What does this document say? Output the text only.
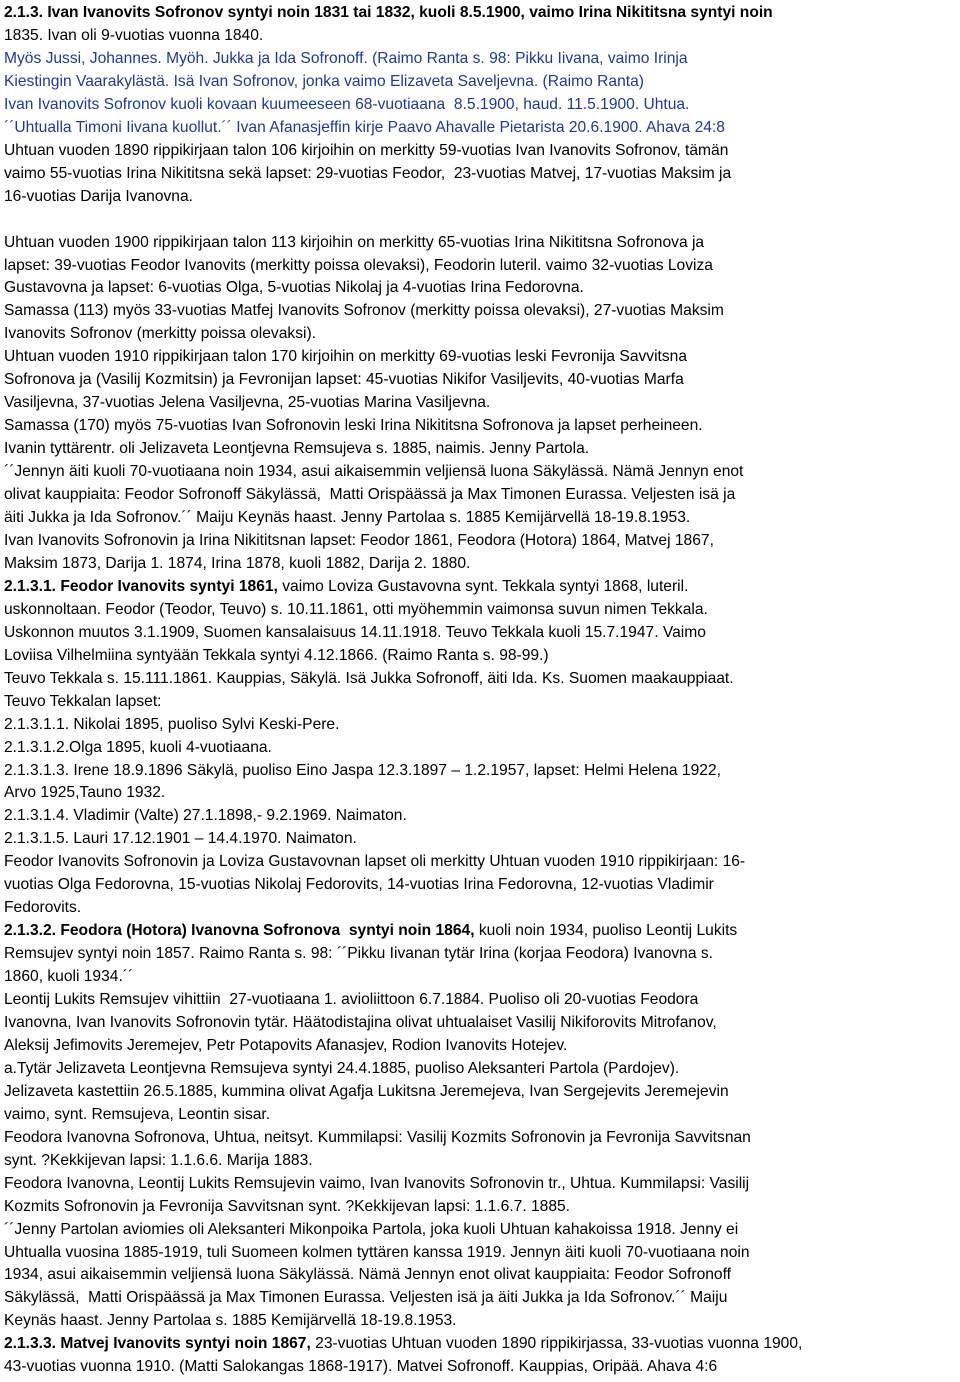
2.1.3. Ivan Ivanovits Sofronov syntyi noin 1831 tai 1832, kuoli 8.5.1900, vaimo Irina Nikititsna syntyi noin
1835. Ivan oli 9-vuotias vuonna 1840.
Myös Jussi, Johannes. Myöh. Jukka ja Ida Sofronoff. (Raimo Ranta s. 98: Pikku Iivana, vaimo Irinja
Kiestingin Vaarakylästä. Isä Ivan Sofronov, jonka vaimo Elizaveta Saveljevna. (Raimo Ranta)
Ivan Ivanovits Sofronov kuoli kovaan kuumeeseen 68-vuotiaana  8.5.1900, haud. 11.5.1900. Uhtua.
´´Uhtualla Timoni Iivana kuollut.´´ Ivan Afanasjeffin kirje Paavo Ahavalle Pietarista 20.6.1900. Ahava 24:8
Uhtuan vuoden 1890 rippikirjaan talon 106 kirjoihin on merkitty 59-vuotias Ivan Ivanovits Sofronov, tämän
vaimo 55-vuotias Irina Nikititsna sekä lapset: 29-vuotias Feodor,  23-vuotias Matvej, 17-vuotias Maksim ja
16-vuotias Darija Ivanovna.
Uhtuan vuoden 1900 rippikirjaan talon 113 kirjoihin on merkitty 65-vuotias Irina Nikititsna Sofronova ja
lapset: 39-vuotias Feodor Ivanovits (merkitty poissa olevaksi), Feodorin luteril. vaimo 32-vuotias Loviza
Gustavovna ja lapset: 6-vuotias Olga, 5-vuotias Nikolaj ja 4-vuotias Irina Fedorovna.
Samassa (113) myös 33-vuotias Matfej Ivanovits Sofronov (merkitty poissa olevaksi), 27-vuotias Maksim
Ivanovits Sofronov (merkitty poissa olevaksi).
Uhtuan vuoden 1910 rippikirjaan talon 170 kirjoihin on merkitty 69-vuotias leski Fevronija Savvitsna
Sofronova ja (Vasilij Kozmitsin) ja Fevronijan lapset: 45-vuotias Nikifor Vasiljevits, 40-vuotias Marfa
Vasiljevna, 37-vuotias Jelena Vasiljevna, 25-vuotias Marina Vasiljevna.
Samassa (170) myös 75-vuotias Ivan Sofronovin leski Irina Nikititsna Sofronova ja lapset perheineen.
Ivanin tyttärentr. oli Jelizaveta Leontjevna Remsujeva s. 1885, naimis. Jenny Partola.
´´Jennyn äiti kuoli 70-vuotiaana noin 1934, asui aikaisemmin veljiensä luona Säkylässä. Nämä Jennyn enot
olivat kauppiaita: Feodor Sofronoff Säkylässä,  Matti Orispäässä ja Max Timonen Eurassa. Veljesten isä ja
äiti Jukka ja Ida Sofronov.´´ Maiju Keynäs haast. Jenny Partolaa s. 1885 Kemijärvellä 18-19.8.1953.
Ivan Ivanovits Sofronovin ja Irina Nikititsnan lapset: Feodor 1861, Feodora (Hotora) 1864, Matvej 1867,
Maksim 1873, Darija 1. 1874, Irina 1878, kuoli 1882, Darija 2. 1880.
2.1.3.1. Feodor Ivanovits syntyi 1861, vaimo Loviza Gustavovna synt. Tekkala syntyi 1868, luteril.
uskonnoltaan. Feodor (Teodor, Teuvo) s. 10.11.1861, otti myöhemmin vaimonsa suvun nimen Tekkala.
Uskonnon muutos 3.1.1909, Suomen kansalaisuus 14.11.1918. Teuvo Tekkala kuoli 15.7.1947. Vaimo
Loviisa Vilhelmiina syntyään Tekkala syntyi 4.12.1866. (Raimo Ranta s. 98-99.)
Teuvo Tekkala s. 15.111.1861. Kauppias, Säkylä. Isä Jukka Sofronoff, äiti Ida. Ks. Suomen maakauppiaat.
Teuvo Tekkalan lapset:
2.1.3.1.1. Nikolai 1895, puoliso Sylvi Keski-Pere.
2.1.3.1.2.Olga 1895, kuoli 4-vuotiaana.
2.1.3.1.3. Irene 18.9.1896 Säkylä, puoliso Eino Jaspa 12.3.1897 – 1.2.1957, lapset: Helmi Helena 1922,
Arvo 1925,Tauno 1932.
2.1.3.1.4. Vladimir (Valte) 27.1.1898,- 9.2.1969. Naimaton.
2.1.3.1.5. Lauri 17.12.1901 – 14.4.1970. Naimaton.
Feodor Ivanovits Sofronovin ja Loviza Gustavovnan lapset oli merkitty Uhtuan vuoden 1910 rippikirjaan: 16-
vuotias Olga Fedorovna, 15-vuotias Nikolaj Fedorovits, 14-vuotias Irina Fedorovna, 12-vuotias Vladimir
Fedorovits.
2.1.3.2. Feodora (Hotora) Ivanovna Sofronova  syntyi noin 1864, kuoli noin 1934, puoliso Leontij Lukits
Remsujev syntyi noin 1857. Raimo Ranta s. 98: ´´Pikku Iivanan tytär Irina (korjaa Feodora) Ivanovna s.
1860, kuoli 1934.´´
Leontij Lukits Remsujev vihittiin  27-vuotiaana 1. avioliittoon 6.7.1884. Puoliso oli 20-vuotias Feodora
Ivanovna, Ivan Ivanovits Sofronovin tytär. Häätodistajina olivat uhtualaiset Vasilij Nikiforovits Mitrofanov,
Aleksij Jefimovits Jeremejev, Petr Potapovits Afanasjev, Rodion Ivanovits Hotejev.
a.Tytär Jelizaveta Leontjevna Remsujeva syntyi 24.4.1885, puoliso Aleksanteri Partola (Pardojev).
Jelizaveta kastettiin 26.5.1885, kummina olivat Agafja Lukitsna Jeremejeva, Ivan Sergejevits Jeremejevin
vaimo, synt. Remsujeva, Leontin sisar.
Feodora Ivanovna Sofronova, Uhtua, neitsyt. Kummilapsi: Vasilij Kozmits Sofronovin ja Fevronija Savvitsnan
synt. ?Kekkijevan lapsi: 1.1.6.6. Marija 1883.
Feodora Ivanovna, Leontij Lukits Remsujevin vaimo, Ivan Ivanovits Sofronovin tr., Uhtua. Kummilapsi: Vasilij
Kozmits Sofronovin ja Fevronija Savvitsnan synt. ?Kekkijevan lapsi: 1.1.6.7. 1885.
´´Jenny Partolan aviomies oli Aleksanteri Mikonpoika Partola, joka kuoli Uhtuan kahakoissa 1918. Jenny ei
Uhtualla vuosina 1885-1919, tuli Suomeen kolmen tyttären kanssa 1919. Jennyn äiti kuoli 70-vuotiaana noin
1934, asui aikaisemmin veljiensä luona Säkylässä. Nämä Jennyn enot olivat kauppiaita: Feodor Sofronoff
Säkylässä,  Matti Orispäässä ja Max Timonen Eurassa. Veljesten isä ja äiti Jukka ja Ida Sofronov.´´ Maiju
Keynäs haast. Jenny Partolaa s. 1885 Kemijärvellä 18-19.8.1953.
2.1.3.3. Matvej Ivanovits syntyi noin 1867, 23-vuotias Uhtuan vuoden 1890 rippikirjassa, 33-vuotias vuonna 1900,
43-vuotias vuonna 1910. (Matti Salokangas 1868-1917). Matvei Sofronoff. Kauppias, Oripää. Ahava 4:6
